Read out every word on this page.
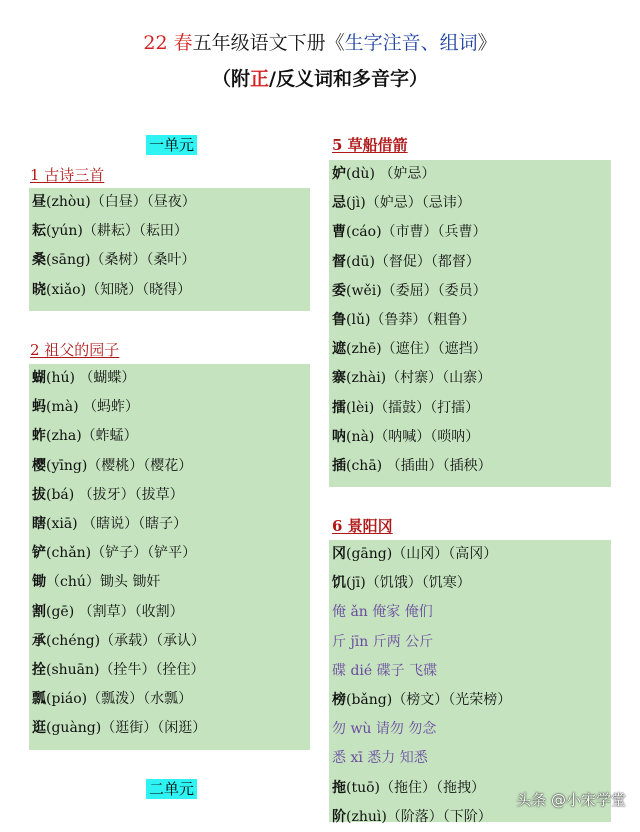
22 春五年级语文下册《生字注音、组词》
（附正/反义词和多音字）
一单元
1 古诗三首
昼(zhòu)（白昼）（昼夜）
耘(yún)（耕耘）（耘田）
桑(sāng)（桑树）（桑叶）
晓(xiǎo)（知晓）（晓得）
2 祖父的园子
蝴(hú) （蝴蝶）
蚂(mà) （蚂蚱）
蚱(zha)（蚱蜢）
樱(yīng)（樱桃）（樱花）
拔(bá) （拔牙）（拔草）
瞎(xiā) （瞎说）（瞎子）
铲(chǎn)（铲子）（铲平）
锄（chú）锄头 锄奸
割(gē) （割草）（收割）
承(chéng)（承载）（承认）
拴(shuān)（拴牛）（拴住）
瓢(piáo)（瓢泼）（水瓢）
逛(guàng)（逛街）（闲逛）
二单元
5 草船借箭
妒(dù) （妒忌）
忌(jì)（妒忌）（忌讳）
曹(cáo)（市曹）（兵曹）
督(dū)（督促）（都督）
委(wěi)（委屈）（委员）
鲁(lǔ)（鲁莽）（粗鲁）
遮(zhē)（遮住）（遮挡）
寨(zhài)（村寨）（山寨）
擂(lèi)（擂鼓）（打擂）
呐(nà)（呐喊）（唢呐）
插(chā) （插曲）（插秧）
6 景阳冈
冈(gāng)（山冈）（高冈）
饥(jī)（饥饿）（饥寒）
俺 ǎn 俺家 俺们
斤 jīn 斤两 公斤
碟 dié 碟子 飞碟
榜(bǎng)（榜文）（光荣榜）
勿 wù 请勿 勿念
悉 xī 悉力 知悉
拖(tuō)（拖住）（拖拽）
阶(zhuì)（阶落）（下阶）
头条 @小宋学堂
